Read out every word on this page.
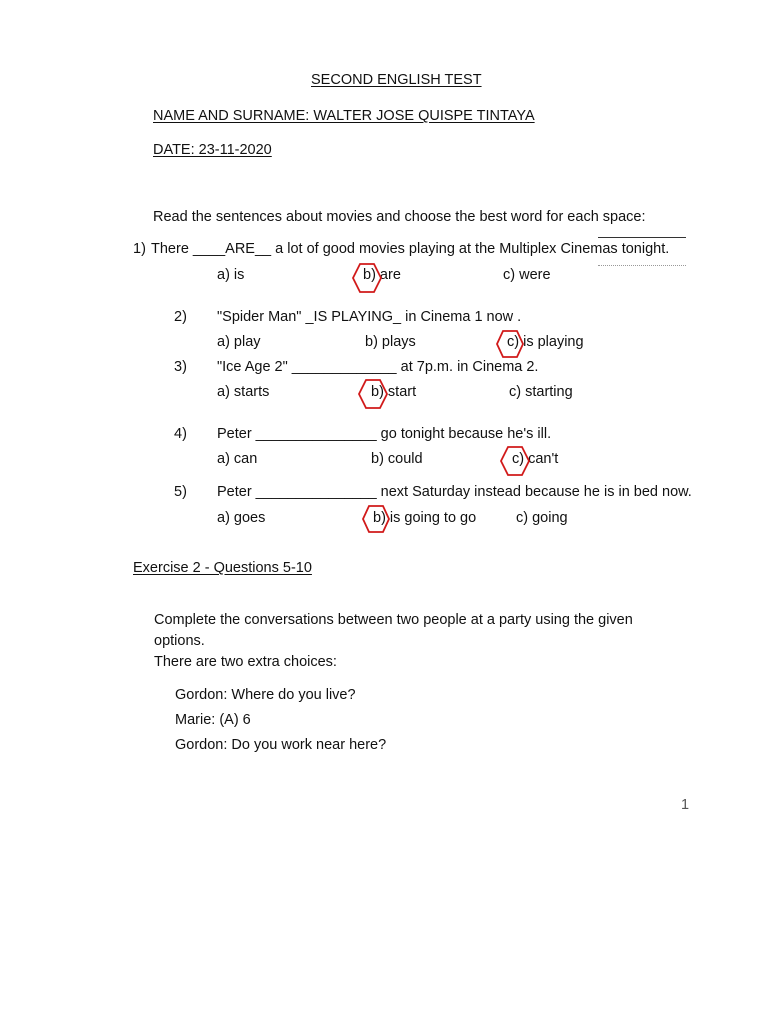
SECOND ENGLISH TEST
NAME AND SURNAME: WALTER JOSE QUISPE TINTAYA
DATE: 23-11-2020
Read the sentences about movies and choose the best word for each space:
1) There ____ARE__ a lot of good movies playing at the Multiplex Cinemas tonight.
a) is	b) are	c) were
2) "Spider Man" _IS PLAYING_ in Cinema 1 now .
a) play	b) plays	c) is playing
3) "Ice Age 2" _____________ at 7p.m. in Cinema 2.
a) starts	b) start	c) starting
4) Peter _______________ go tonight because he's ill.
a) can	b) could	c) can't
5) Peter _______________ next Saturday instead because he is in bed now.
a) goes	b) is going to go	c) going
Exercise 2 - Questions 5-10
Complete the conversations between two people at a party using the given
options.
There are two extra choices:
Gordon: Where do you live?
Marie: (A) 6
Gordon: Do you work near here?
1
